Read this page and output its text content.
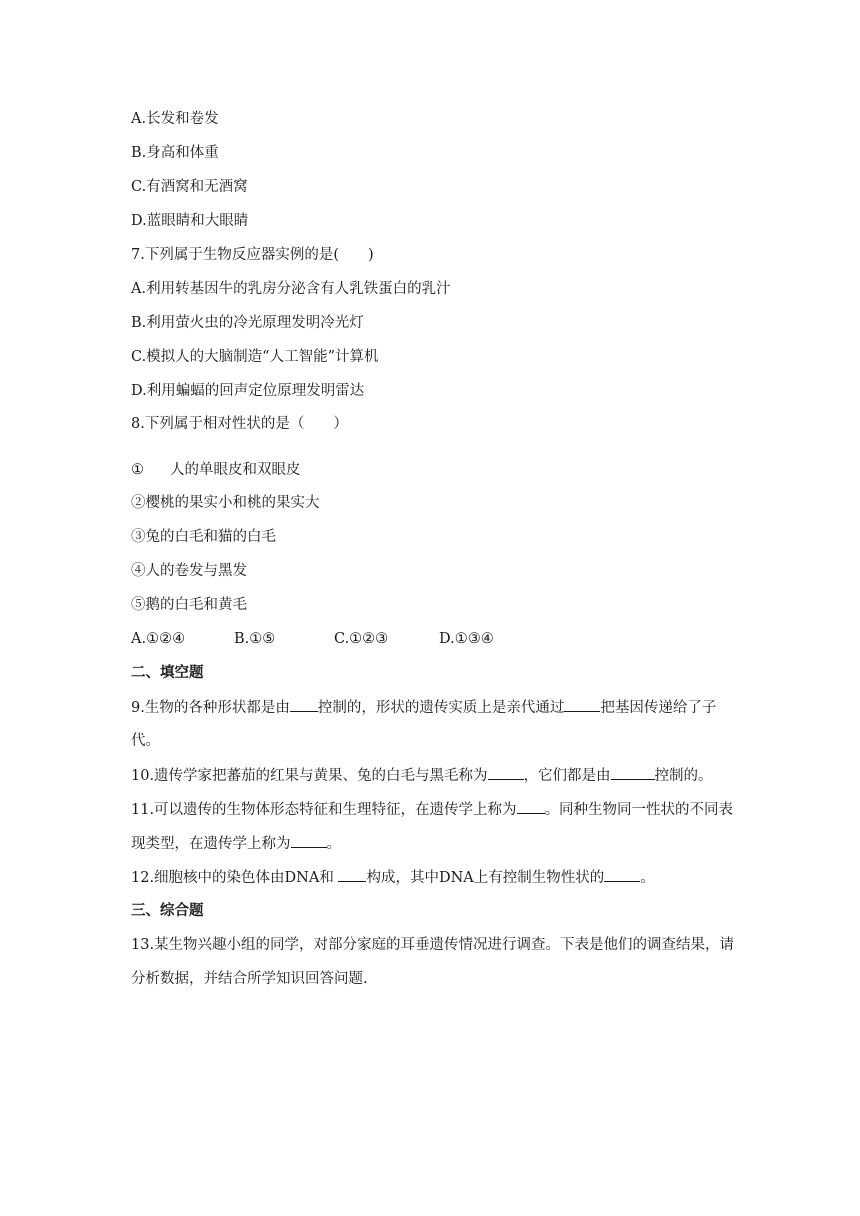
A.长发和卷发
B.身高和体重
C.有酒窝和无酒窝
D.蓝眼睛和大眼睛
7.下列属于生物反应器实例的是(　　)
A.利用转基因牛的乳房分泌含有人乳铁蛋白的乳汁
B.利用萤火虫的冷光原理发明冷光灯
C.模拟人的大脑制造“人工智能”计算机
D.利用蝙蝠的回声定位原理发明雷达
8.下列属于相对性状的是（　　）
① 人的单眼皮和双眼皮
②樱桃的果实小和桃的果实大
③兔的白毛和猫的白毛
④人的卷发与黑发
⑤鹅的白毛和黄毛
A.①②④	B.①⑤	C.①②③	D.①③④
二、填空题
9.生物的各种形状都是由 控制的，形状的遗传实质上是亲代通过 把基因传递给了子
代。
10.遗传学家把蕃茄的红果与黄果、兔的白毛与黑毛称为 ，它们都是由	控制的。
11.可以遗传的生物体形态特征和生理特征，在遗传学上称为 。同种生物同一性状的不同表
现类型，在遗传学上称为 。
12.细胞核中的染色体由DNA和 构成，其中DNA上有控制生物性状的 。
三、综合题
13.某生物兴趣小组的同学，对部分家庭的耳垂遗传情况进行调查。下表是他们的调查结果，请
分析数据，并结合所学知识回答问题.
